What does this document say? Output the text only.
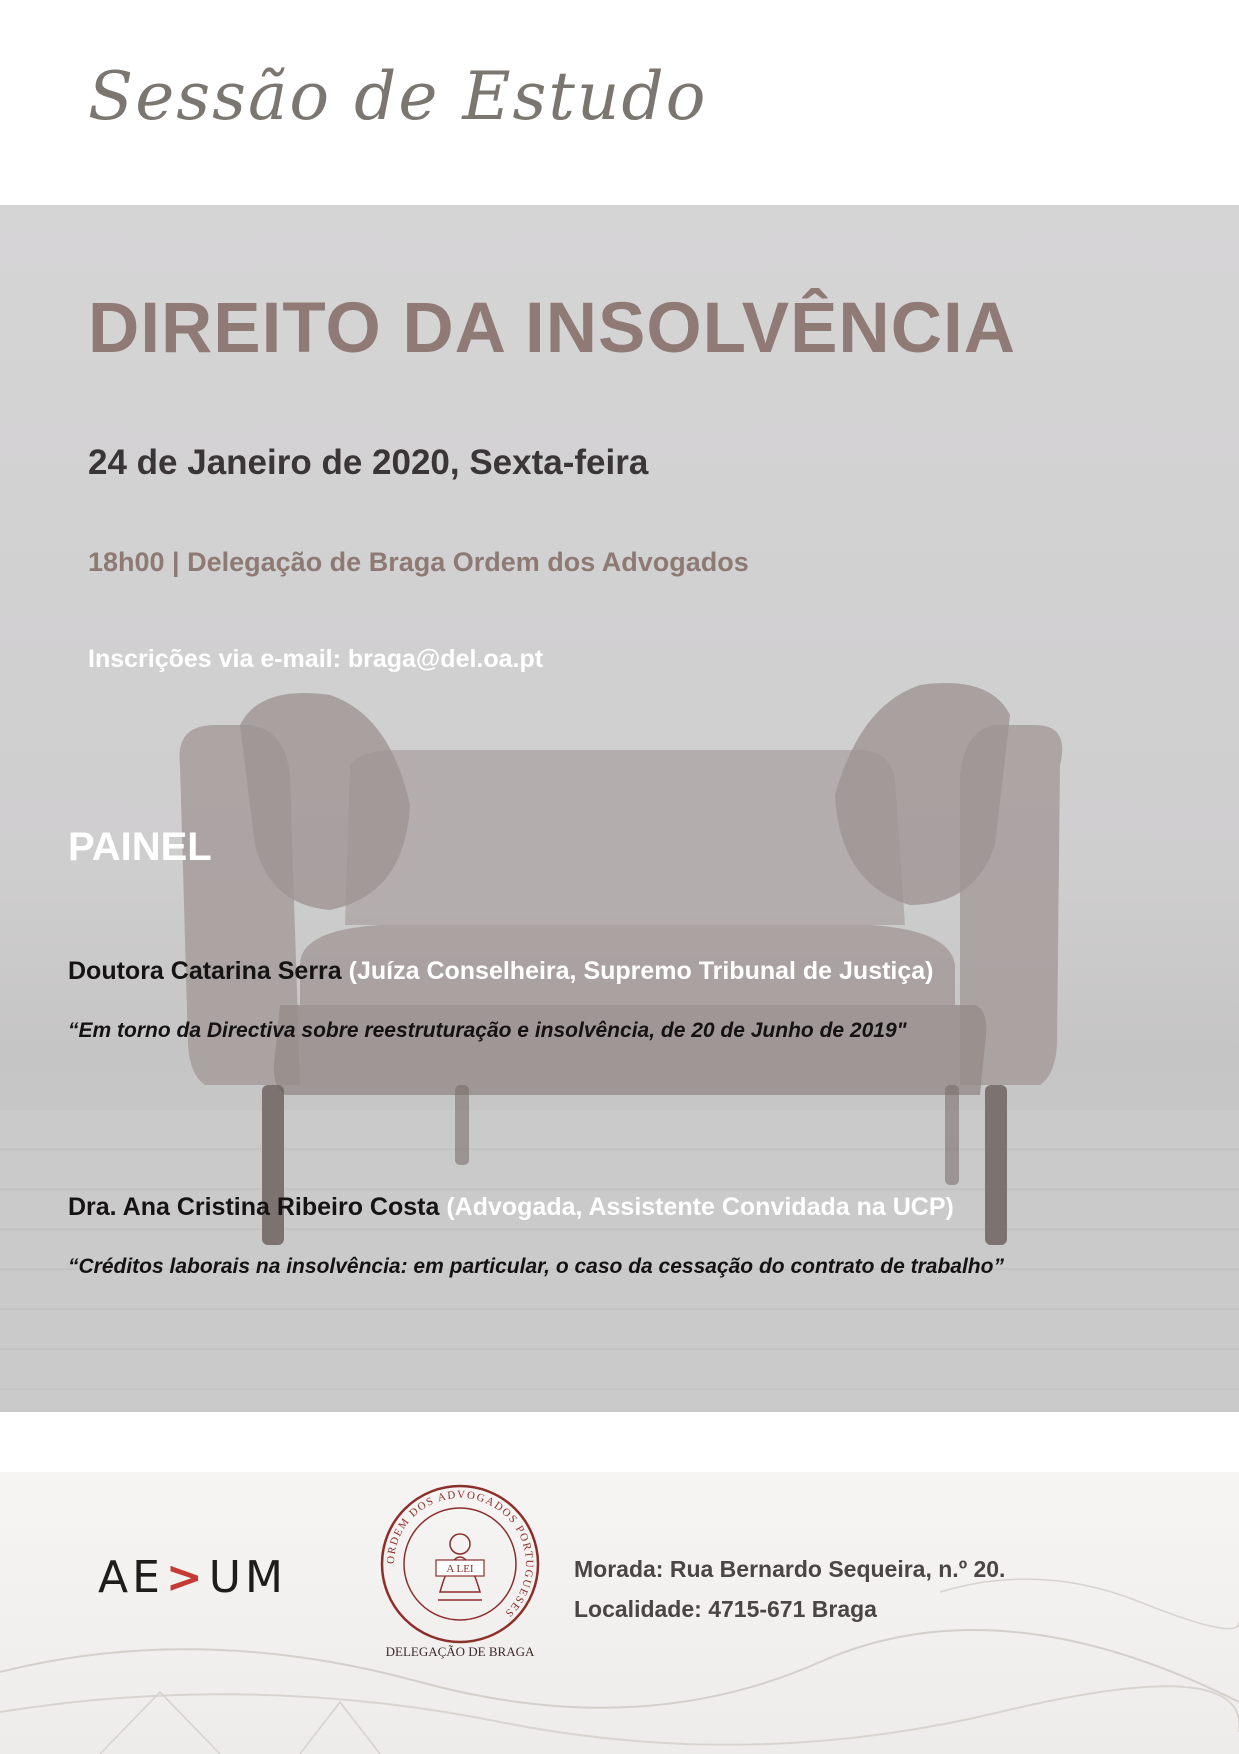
Sessão de Estudo
DIREITO DA INSOLVÊNCIA
24 de Janeiro de 2020, Sexta-feira
18h00 | Delegação de Braga Ordem dos Advogados
Inscrições via e-mail: braga@del.oa.pt
PAINEL
Doutora Catarina Serra (Juíza Conselheira, Supremo Tribunal de Justiça)
“Em torno da Directiva sobre reestruturação e insolvência, de 20 de Junho de 2019"
Dra. Ana Cristina Ribeiro Costa (Advogada, Assistente Convidada na UCP)
“Créditos laborais na insolvência: em particular, o caso da cessação do contrato de trabalho”
AE>UM	ORDEM DOS ADVOGADOS PORTUGUESES
A LEI
DELEGAÇÃO DE BRAGA
Morada: Rua Bernardo Sequeira, n.º 20.
Localidade: 4715-671 Braga
